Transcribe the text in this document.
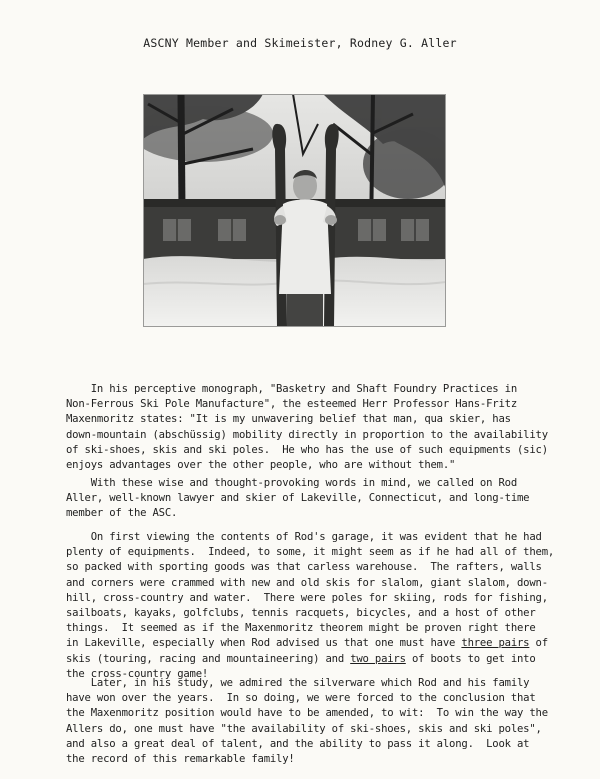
ASCNY Member and Skimeister, Rodney G. Aller

In his perceptive monograph, "Basketry and Shaft Foundry Practices in

Non-Ferrous Ski Pole Manufacture", the esteemed Herr Professor Hans-Fritz

Maxenmoritz states: "It is my unwavering belief that man, qua skier, has

down-mountain (abschüssig) mobility directly in proportion to the availability

of ski-shoes, skis and ski poles.  He who has the use of such equipments (sic)

enjoys advantages over the other people, who are without them."

With these wise and thought-provoking words in mind, we called on Rod

Aller, well-known lawyer and skier of Lakeville, Connecticut, and long-time

member of the ASC.

On first viewing the contents of Rod's garage, it was evident that he had

plenty of equipments.  Indeed, to some, it might seem as if he had all of them,

so packed with sporting goods was that carless warehouse.  The rafters, walls

and corners were crammed with new and old skis for slalom, giant slalom, down-

hill, cross-country and water.  There were poles for skiing, rods for fishing,

sailboats, kayaks, golfclubs, tennis racquets, bicycles, and a host of other

things.  It seemed as if the Maxenmoritz theorem might be proven right there

in Lakeville, especially when Rod advised us that one must have three pairs of

skis (touring, racing and mountaineering) and two pairs of boots to get into

the cross-country game!

Later, in his study, we admired the silverware which Rod and his family

have won over the years.  In so doing, we were forced to the conclusion that

the Maxenmoritz position would have to be amended, to wit:  To win the way the

Allers do, one must have "the availability of ski-shoes, skis and ski poles",

and also a great deal of talent, and the ability to pass it along.  Look at

the record of this remarkable family!
